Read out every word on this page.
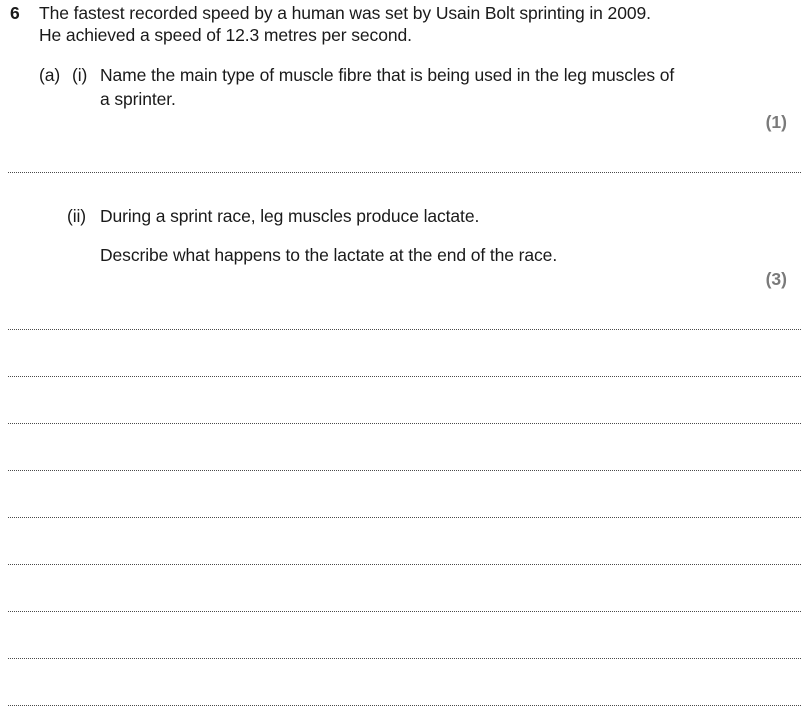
6 The fastest recorded speed by a human was set by Usain Bolt sprinting in 2009.
He achieved a speed of 12.3 metres per second.
(a) (i) Name the main type of muscle fibre that is being used in the leg muscles of
a sprinter.
(1)
(ii) During a sprint race, leg muscles produce lactate.
Describe what happens to the lactate at the end of the race.
(3)
